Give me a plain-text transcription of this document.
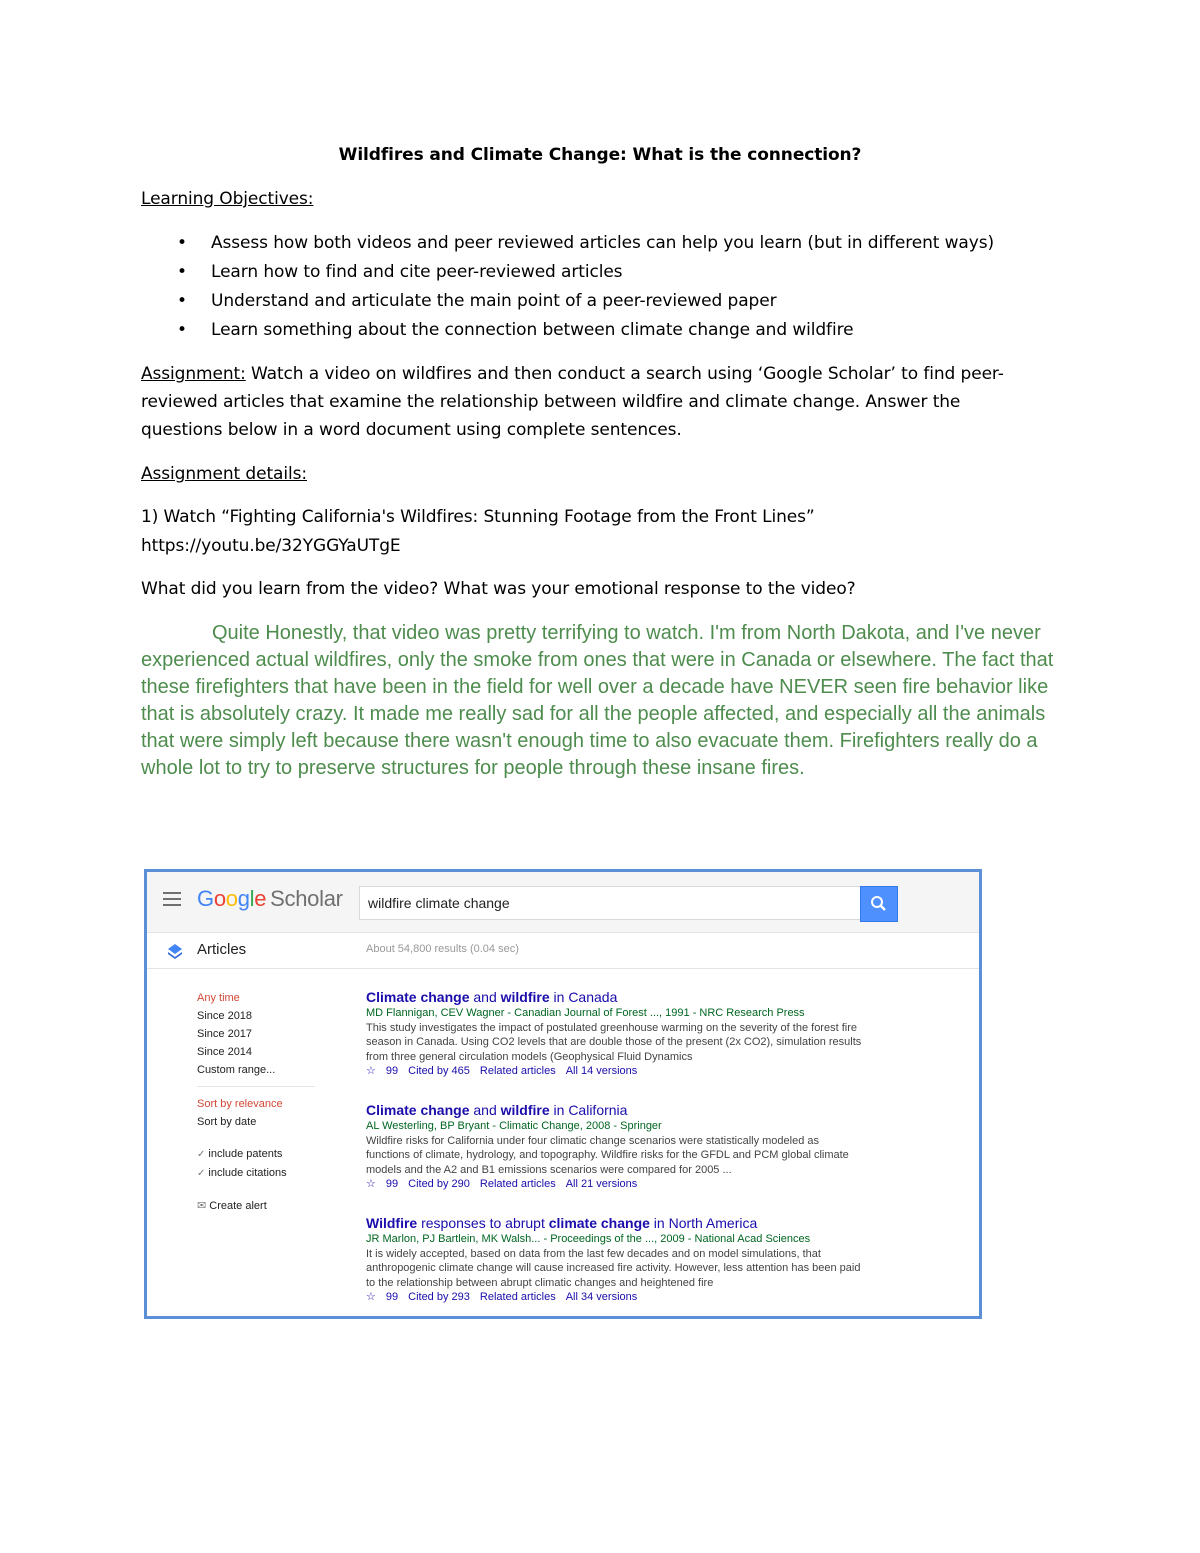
Wildfires and Climate Change: What is the connection?
Learning Objectives:
• Assess how both videos and peer reviewed articles can help you learn (but in different ways)
• Learn how to find and cite peer-reviewed articles
• Understand and articulate the main point of a peer-reviewed paper
• Learn something about the connection between climate change and wildfire
Assignment: Watch a video on wildfires and then conduct a search using ‘Google Scholar’ to find peer-reviewed articles that examine the relationship between wildfire and climate change. Answer the questions below in a word document using complete sentences.
Assignment details:
1) Watch “Fighting California's Wildfires: Stunning Footage from the Front Lines”
https://youtu.be/32YGGYaUTgE
What did you learn from the video? What was your emotional response to the video?
Quite Honestly, that video was pretty terrifying to watch. I'm from North Dakota, and I've never experienced actual wildfires, only the smoke from ones that were in Canada or elsewhere. The fact that these firefighters that have been in the field for well over a decade have NEVER seen fire behavior like that is absolutely crazy. It made me really sad for all the people affected, and especially all the animals that were simply left because there wasn't enough time to also evacuate them. Firefighters really do a whole lot to try to preserve structures for people through these insane fires.
Google Scholar	wildfire climate change
Articles	About 54,800 results (0.04 sec)
Any time
Since 2018
Since 2017
Since 2014
Custom range...
Sort by relevance
Sort by date
✓ include patents
✓ include citations
✉ Create alert
Climate change and wildfire in Canada
MD Flannigan, CEV Wagner - Canadian Journal of Forest ..., 1991 - NRC Research Press
This study investigates the impact of postulated greenhouse warming on the severity of the forest fire season in Canada. Using CO2 levels that are double those of the present (2x CO2), simulation results from three general circulation models (Geophysical Fluid Dynamics
☆ 99 Cited by 465 Related articles All 14 versions
Climate change and wildfire in California
AL Westerling, BP Bryant - Climatic Change, 2008 - Springer
Wildfire risks for California under four climatic change scenarios were statistically modeled as functions of climate, hydrology, and topography. Wildfire risks for the GFDL and PCM global climate models and the A2 and B1 emissions scenarios were compared for 2005 ...
☆ 99 Cited by 290 Related articles All 21 versions
Wildfire responses to abrupt climate change in North America
JR Marlon, PJ Bartlein, MK Walsh... - Proceedings of the ..., 2009 - National Acad Sciences
It is widely accepted, based on data from the last few decades and on model simulations, that anthropogenic climate change will cause increased fire activity. However, less attention has been paid to the relationship between abrupt climatic changes and heightened fire
☆ 99 Cited by 293 Related articles All 34 versions
